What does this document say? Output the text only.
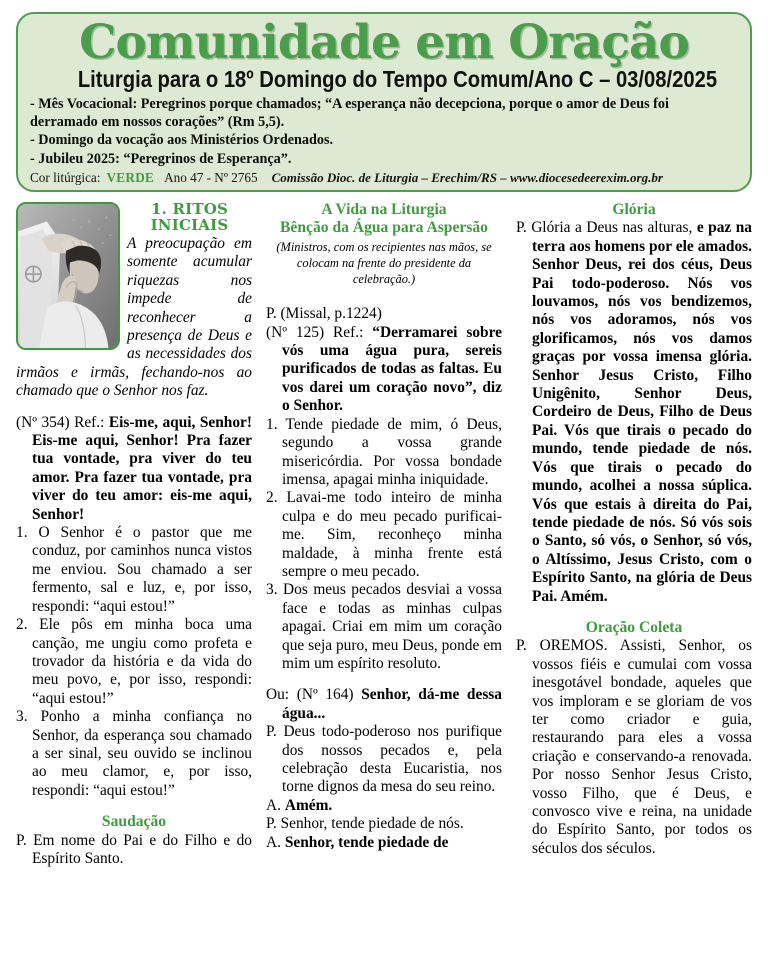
Comunidade em Oração
Liturgia para o 18º Domingo do Tempo Comum/Ano C – 03/08/2025

- Mês Vocacional: Peregrinos porque chamados; “A esperança não decepciona, porque o amor de Deus foi derramado em nossos corações” (Rm 5,5).

- Domingo da vocação aos Ministérios Ordenados.

- Jubileu 2025: “Peregrinos de Esperança”.

Cor litúrgica: VERDE Ano 47 - Nº 2765 Comissão Dioc. de Liturgia – Erechim/RS – www.diocesedeerexim.org.br
1. RITOS INICIAIS

A preocupação em somente acumular riquezas nos impede de reconhecer a presença de Deus e as necessidades dos irmãos e irmãs, fechando-nos ao chamado que o Senhor nos faz.

(Nº 354) Ref.: Eis-me, aqui, Senhor! Eis-me aqui, Senhor! Pra fazer tua vontade, pra viver do teu amor. Pra fazer tua vontade, pra viver do teu amor: eis-me aqui, Senhor!

1. O Senhor é o pastor que me conduz, por caminhos nunca vistos me enviou. Sou chamado a ser fermento, sal e luz, e, por isso, respondi: “aqui estou!”

2. Ele pôs em minha boca uma canção, me ungiu como profeta e trovador da história e da vida do meu povo, e, por isso, respondi: “aqui estou!”

3. Ponho a minha confiança no Senhor, da esperança sou chamado a ser sinal, seu ouvido se inclinou ao meu clamor, e, por isso, respondi: “aqui estou!”

Saudação

P. Em nome do Pai e do Filho e do Espírito Santo.

A Vida na Liturgia
Bênção da Água para Aspersão

(Ministros, com os recipientes nas mãos, se colocam na frente do presidente da celebração.)

P. (Missal, p.1224)

(Nº 125) Ref.: “Derramarei sobre vós uma água pura, sereis purificados de todas as faltas. Eu vos darei um coração novo”, diz o Senhor.

1. Tende piedade de mim, ó Deus, segundo a vossa grande misericórdia. Por vossa bondade imensa, apagai minha iniquidade.

2. Lavai-me todo inteiro de minha culpa e do meu pecado purificai-me. Sim, reconheço minha maldade, à minha frente está sempre o meu pecado.

3. Dos meus pecados desviai a vossa face e todas as minhas culpas apagai. Criai em mim um coração que seja puro, meu Deus, ponde em mim um espírito resoluto.

Ou: (Nº 164) Senhor, dá-me dessa água...

P. Deus todo-poderoso nos purifique dos nossos pecados e, pela celebração desta Eucaristia, nos torne dignos da mesa do seu reino.

A. Amém.

P. Senhor, tende piedade de nós.

A. Senhor, tende piedade de

Glória

P. Glória a Deus nas alturas, e paz na terra aos homens por ele amados. Senhor Deus, rei dos céus, Deus Pai todo-poderoso. Nós vos louvamos, nós vos bendizemos, nós vos adoramos, nós vos glorificamos, nós vos damos graças por vossa imensa glória. Senhor Jesus Cristo, Filho Unigênito, Senhor Deus, Cordeiro de Deus, Filho de Deus Pai. Vós que tirais o pecado do mundo, tende piedade de nós. Vós que tirais o pecado do mundo, acolhei a nossa súplica. Vós que estais à direita do Pai, tende piedade de nós. Só vós sois o Santo, só vós, o Senhor, só vós, o Altíssimo, Jesus Cristo, com o Espírito Santo, na glória de Deus Pai. Amém.

Oração Coleta

P. OREMOS. Assisti, Senhor, os vossos fiéis e cumulai com vossa inesgotável bondade, aqueles que vos imploram e se gloriam de vos ter como criador e guia, restaurando para eles a vossa criação e conservando-a renovada. Por nosso Senhor Jesus Cristo, vosso Filho, que é Deus, e convosco vive e reina, na unidade do Espírito Santo, por todos os séculos dos séculos.
